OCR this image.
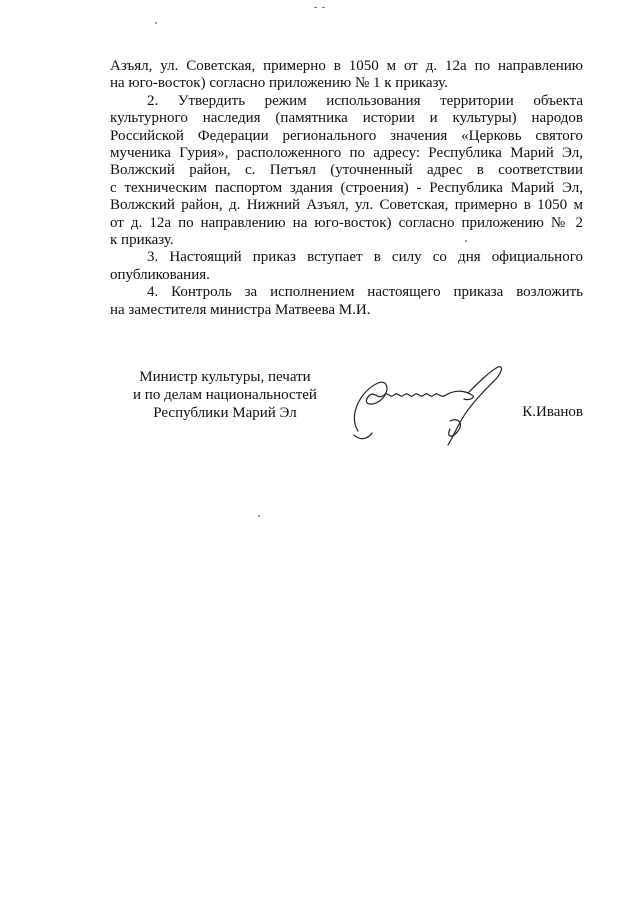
- -
Азъял, ул. Советская, примерно в 1050 м от д. 12а по направлению
на юго-восток) согласно приложению № 1 к приказу.
2. Утвердить режим использования территории объекта
культурного наследия (памятника истории и культуры) народов
Российской Федерации регионального значения «Церковь святого
мученика Гурия», расположенного по адресу: Республика Марий Эл,
Волжский район, с. Петъял (уточненный адрес в соответствии
с техническим паспортом здания (строения) - Республика Марий Эл,
Волжский район, д. Нижний Азъял, ул. Советская, примерно в 1050 м
от д. 12а по направлению на юго-восток) согласно приложению № 2
к приказу.
3. Настоящий приказ вступает в силу со дня официального
опубликования.
4. Контроль за исполнением настоящего приказа возложить
на заместителя министра Матвеева М.И.
Министр культуры, печати
и по делам национальностей
Республики Марий Эл	К.Иванов
